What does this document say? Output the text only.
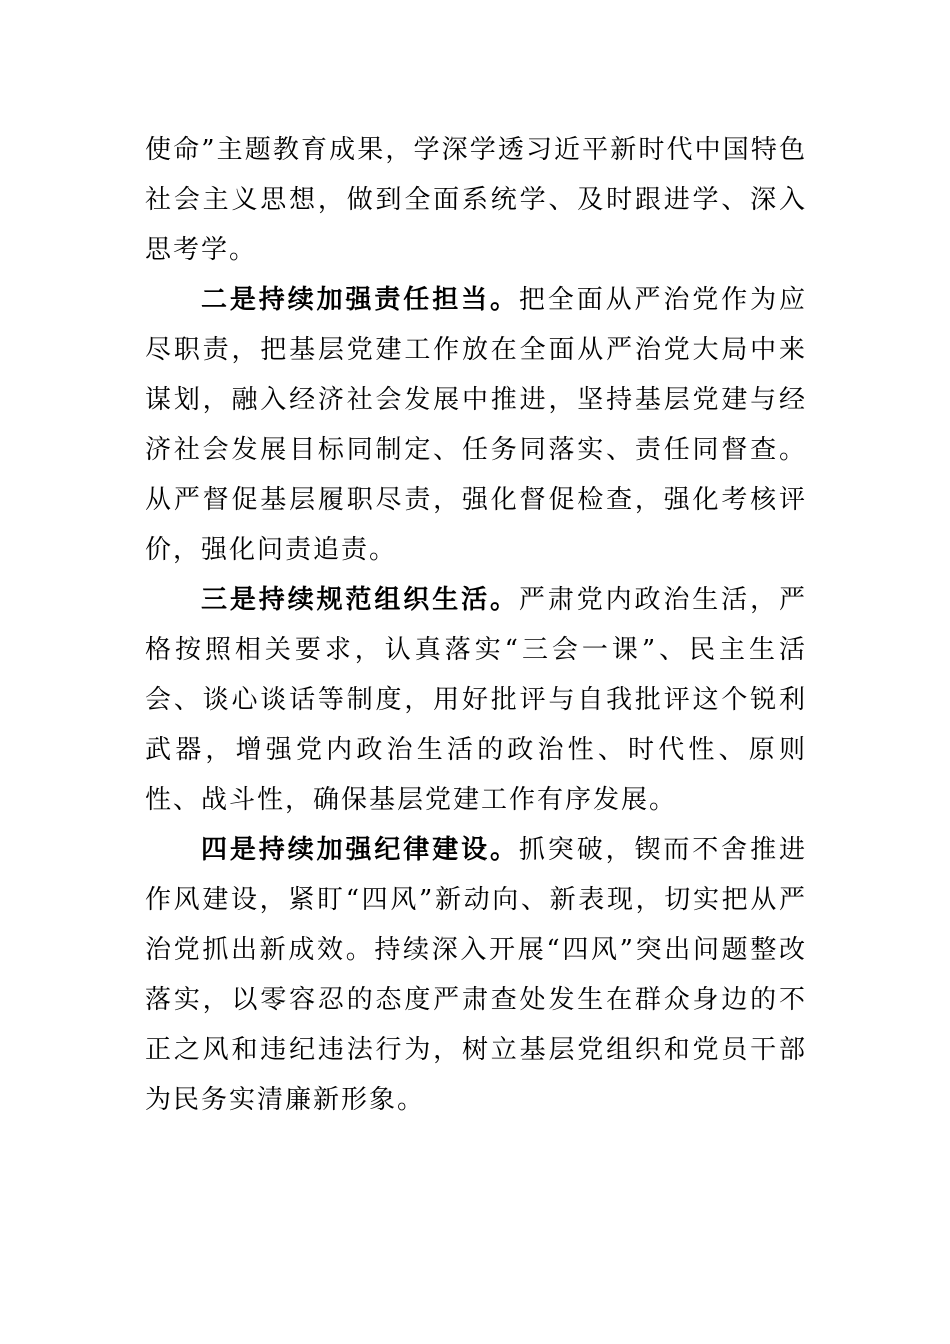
使命”主题教育成果，学深学透习近平新时代中国特色社会主义思想，做到全面系统学、及时跟进学、深入思考学。

二是持续加强责任担当。把全面从严治党作为应尽职责，把基层党建工作放在全面从严治党大局中来谋划，融入经济社会发展中推进，坚持基层党建与经济社会发展目标同制定、任务同落实、责任同督查。从严督促基层履职尽责，强化督促检查，强化考核评价，强化问责追责。

三是持续规范组织生活。严肃党内政治生活，严格按照相关要求，认真落实“三会一课”、民主生活会、谈心谈话等制度，用好批评与自我批评这个锐利武器，增强党内政治生活的政治性、时代性、原则性、战斗性，确保基层党建工作有序发展。

四是持续加强纪律建设。抓突破，锲而不舍推进作风建设，紧盯“四风”新动向、新表现，切实把从严治党抓出新成效。持续深入开展“四风”突出问题整改落实，以零容忍的态度严肃查处发生在群众身边的不正之风和违纪违法行为，树立基层党组织和党员干部为民务实清廉新形象。
